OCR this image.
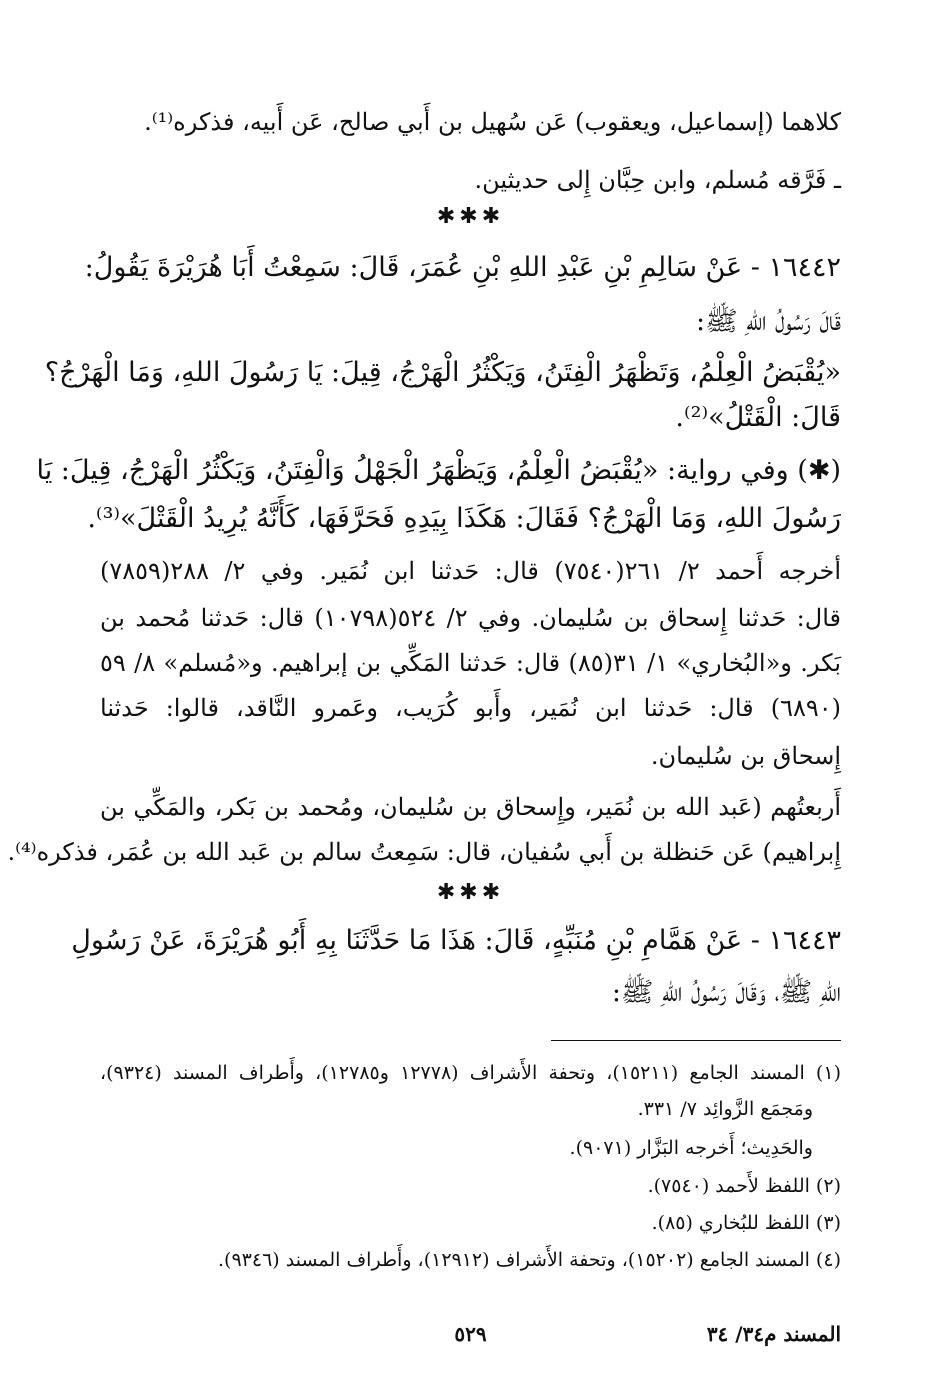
كلاهما (إسماعيل، ويعقوب) عَن سُهيل بن أَبي صالح، عَن أَبيه، فذكره⁽¹⁾.
ـ فَرَّقه مُسلم، وابن حِبَّان إِلى حديثين.
✱✱✱
١٦٤٤٢ - عَنْ سَالِمِ بْنِ عَبْدِ اللهِ بْنِ عُمَرَ، قَالَ: سَمِعْتُ أَبَا هُرَيْرَةَ يَقُولُ:
قَالَ رَسُولُ اللهِ ﷺ:
«يُقْبَضُ الْعِلْمُ، وَتَظْهَرُ الْفِتَنُ، وَيَكْثُرُ الْهَرْجُ، قِيلَ: يَا رَسُولَ اللهِ، وَمَا الْهَرْجُ؟
قَالَ: الْقَتْلُ»⁽²⁾.
(✱) وفي رواية: «يُقْبَضُ الْعِلْمُ، وَيَظْهَرُ الْجَهْلُ وَالْفِتَنُ، وَيَكْثُرُ الْهَرْجُ، قِيلَ: يَا
رَسُولَ اللهِ، وَمَا الْهَرْجُ؟ فَقَالَ: هَكَذَا بِيَدِهِ فَحَرَّفَهَا، كَأَنَّهُ يُرِيدُ الْقَتْلَ»⁽³⁾.
أخرجه أَحمد ٢/ ٢٦١(٧٥٤٠) قال: حَدثنا ابن نُمَير. وفي ٢/ ٢٨٨(٧٨٥٩)
قال: حَدثنا إِسحاق بن سُليمان. وفي ٢/ ٥٢٤(١٠٧٩٨) قال: حَدثنا مُحمد بن
بَكر. و«البُخاري» ١/ ٣١(٨٥) قال: حَدثنا المَكِّي بن إبراهيم. و«مُسلم» ٨/ ٥٩
(٦٨٩٠) قال: حَدثنا ابن نُمَير، وأَبو كُرَيب، وعَمرو النَّاقد، قالوا: حَدثنا
إِسحاق بن سُليمان.
أَربعتُهم (عَبد الله بن نُمَير، وإِسحاق بن سُليمان، ومُحمد بن بَكر، والمَكِّي بن
إِبراهيم) عَن حَنظلة بن أَبي سُفيان، قال: سَمِعتُ سالم بن عَبد الله بن عُمَر، فذكره⁽⁴⁾.
✱✱✱
١٦٤٤٣ - عَنْ هَمَّامِ بْنِ مُنَبِّهٍ، قَالَ: هَذَا مَا حَدَّثَنَا بِهِ أَبُو هُرَيْرَةَ، عَنْ رَسُولِ
اللهِ ﷺ، وَقَالَ رَسُولُ اللهِ ﷺ:
(١) المسند الجامع (١٥٢١١)، وتحفة الأَشراف (١٢٧٧٨ و١٢٧٨٥)، وأَطراف المسند (٩٣٢٤)،
ومَجمَع الزَّوائِد ٧/ ٣٣١.
والحَدِيث؛ أَخرجه البَزَّار (٩٠٧١).
(٢) اللفظ لأَحمد (٧٥٤٠).
(٣) اللفظ للبُخاري (٨٥).
(٤) المسند الجامع (١٥٢٠٢)، وتحفة الأَشراف (١٢٩١٢)، وأَطراف المسند (٩٣٤٦).
المسند م٣٤/ ٣٤
٥٢٩
